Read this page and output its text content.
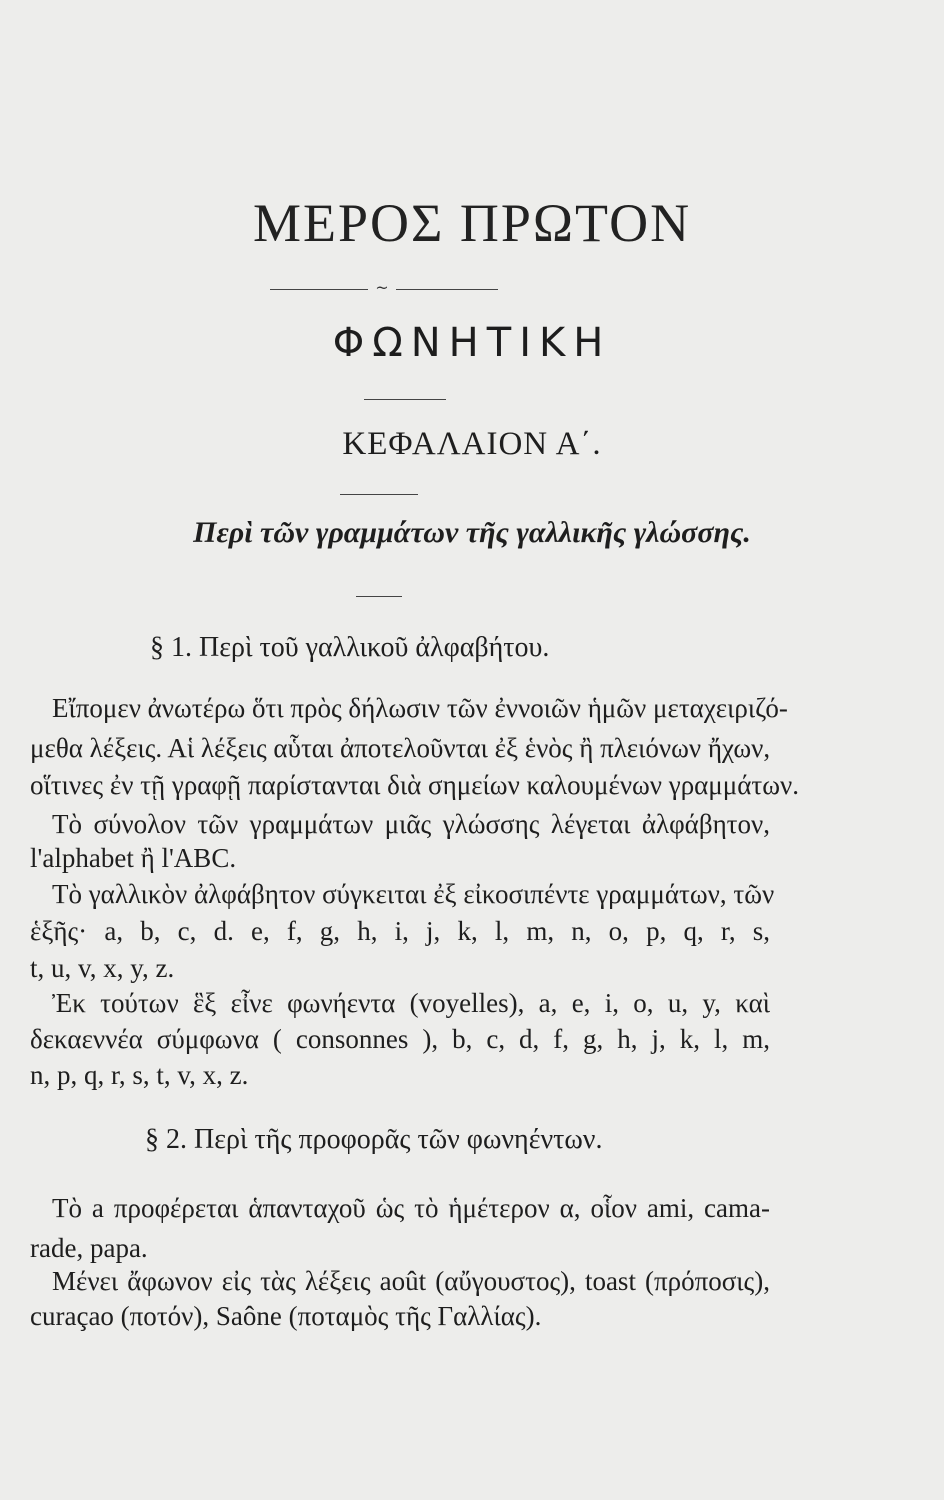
ΜΕΡΟΣ ΠΡΩΤΟΝ
~
ΦΩΝΗΤΙΚΗ
ΚΕΦΑΛΑΙΟΝ Α΄.
Περὶ τῶν γραμμάτων τῆς γαλλικῆς γλώσσης.
§ 1. Περὶ τοῦ γαλλικοῦ ἀλφαβήτου.
Εἴπομεν ἀνωτέρω ὅτι πρὸς δήλωσιν τῶν ἐννοιῶν ἡμῶν μεταχειριζό-
μεθα λέξεις. Αἱ λέξεις αὗται ἀποτελοῦνται ἐξ ἑνὸς ἢ πλειόνων ἤχων,
οἵτινες ἐν τῇ γραφῇ παρίστανται διὰ σημείων καλουμένων γραμμάτων.
Τὸ σύνολον τῶν γραμμάτων μιᾶς γλώσσης λέγεται ἀλφάβητον,
l'alphabet ἢ l'ABC.
Τὸ γαλλικὸν ἀλφάβητον σύγκειται ἐξ εἰκοσιπέντε γραμμάτων, τῶν
ἑξῆς· a, b, c, d. e, f, g, h, i, j, k, l, m, n, o, p, q, r, s,
t, u, v, x, y, z.
Ἐκ τούτων ἓξ εἶνε φωνήεντα (voyelles), a, e, i, o, u, y, καὶ
δεκαεννέα σύμφωνα ( consonnes ), b, c, d, f, g, h, j, k, l, m,
n, p, q, r, s, t, v, x, z.
§ 2. Περὶ τῆς προφορᾶς τῶν φωνηέντων.
Τὸ a προφέρεται ἁπανταχοῦ ὡς τὸ ἡμέτερον α, οἷον ami, cama-
rade, papa.
Μένει ἄφωνον εἰς τὰς λέξεις août (αὔγουστος), toast (πρόποσις),
curaçao (ποτόν), Saône (ποταμὸς τῆς Γαλλίας).
